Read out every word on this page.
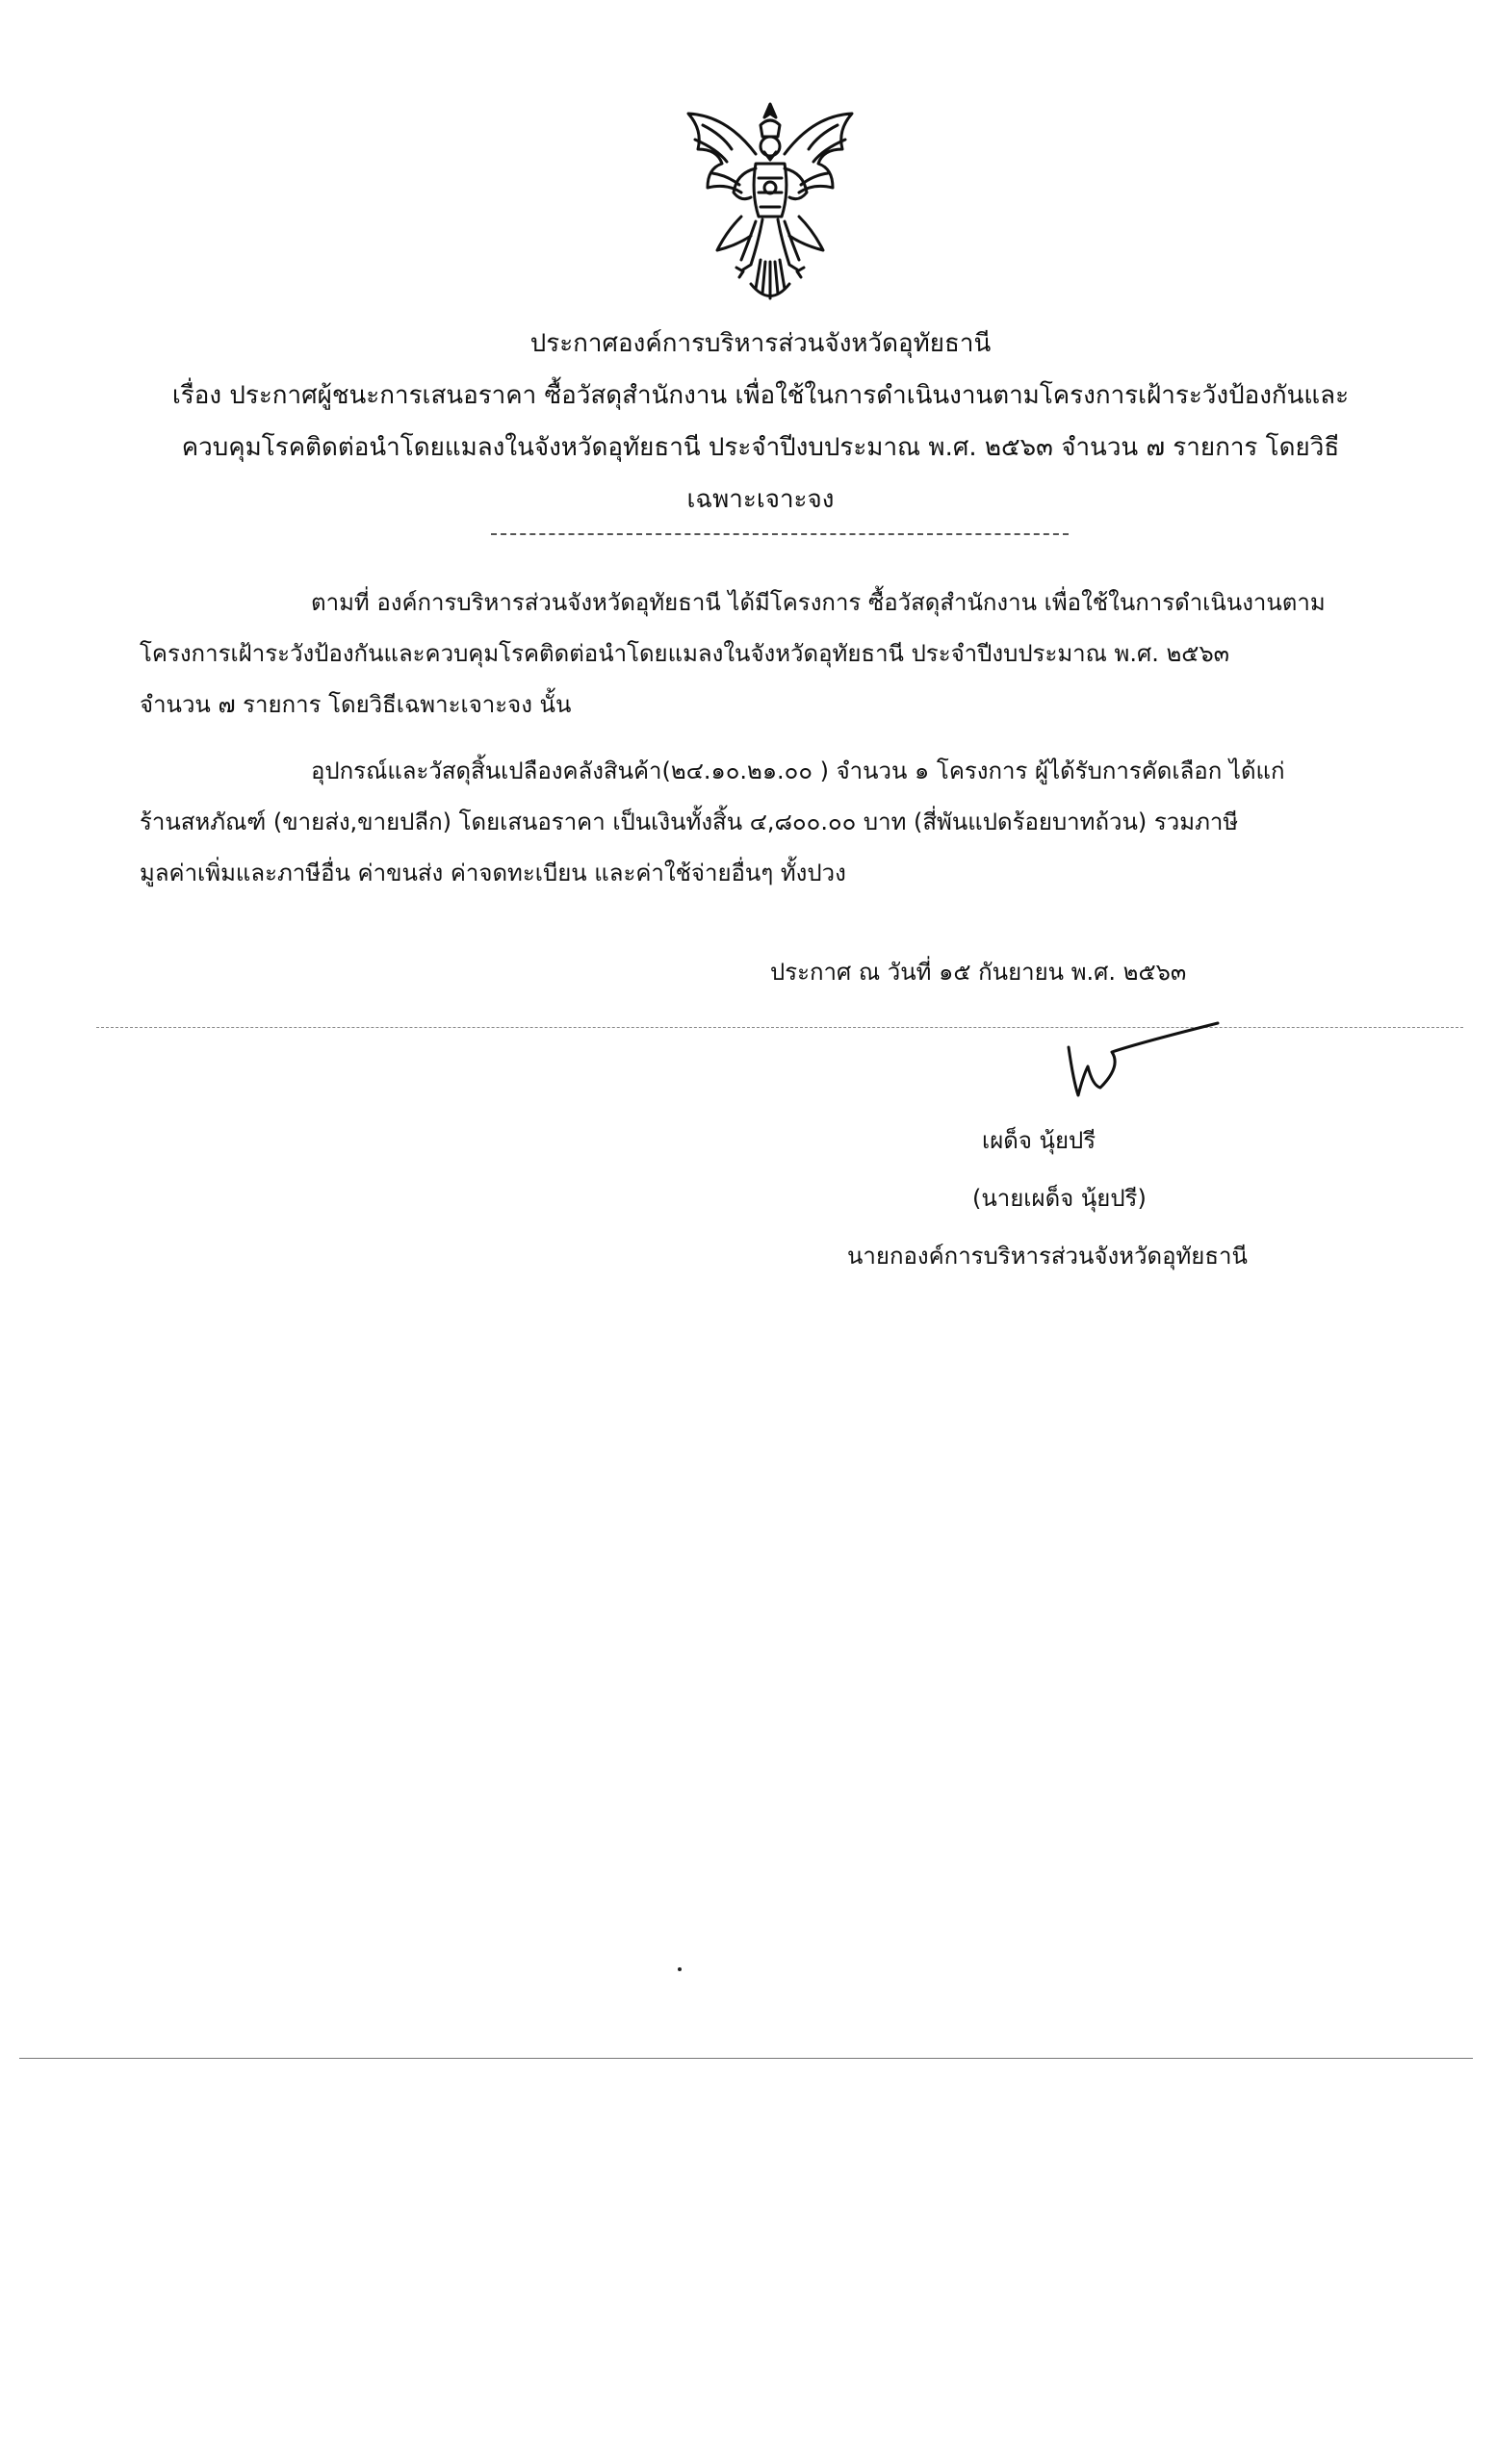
ประกาศองค์การบริหารส่วนจังหวัดอุทัยธานี
เรื่อง ประกาศผู้ชนะการเสนอราคา ซื้อวัสดุสำนักงาน เพื่อใช้ในการดำเนินงานตามโครงการเฝ้าระวังป้องกันและ
ควบคุมโรคติดต่อนำโดยแมลงในจังหวัดอุทัยธานี ประจำปีงบประมาณ พ.ศ. ๒๕๖๓ จำนวน ๗ รายการ โดยวิธี
เฉพาะเจาะจง

ตามที่ องค์การบริหารส่วนจังหวัดอุทัยธานี ได้มีโครงการ ซื้อวัสดุสำนักงาน เพื่อใช้ในการดำเนินงานตาม
โครงการเฝ้าระวังป้องกันและควบคุมโรคติดต่อนำโดยแมลงในจังหวัดอุทัยธานี ประจำปีงบประมาณ พ.ศ. ๒๕๖๓
จำนวน ๗ รายการ โดยวิธีเฉพาะเจาะจง นั้น

อุปกรณ์และวัสดุสิ้นเปลืองคลังสินค้า(๒๔.๑๐.๒๑.๐๐ ) จำนวน ๑ โครงการ ผู้ได้รับการคัดเลือก ได้แก่
ร้านสหภัณฑ์ (ขายส่ง,ขายปลีก) โดยเสนอราคา เป็นเงินทั้งสิ้น ๔,๘๐๐.๐๐ บาท (สี่พันแปดร้อยบาทถ้วน) รวมภาษี
มูลค่าเพิ่มและภาษีอื่น ค่าขนส่ง ค่าจดทะเบียน และค่าใช้จ่ายอื่นๆ ทั้งปวง

ประกาศ ณ วันที่ ๑๕ กันยายน พ.ศ. ๒๕๖๓
เผด็จ นุ้ยปรี
(นายเผด็จ นุ้ยปรี)
นายกองค์การบริหารส่วนจังหวัดอุทัยธานี
